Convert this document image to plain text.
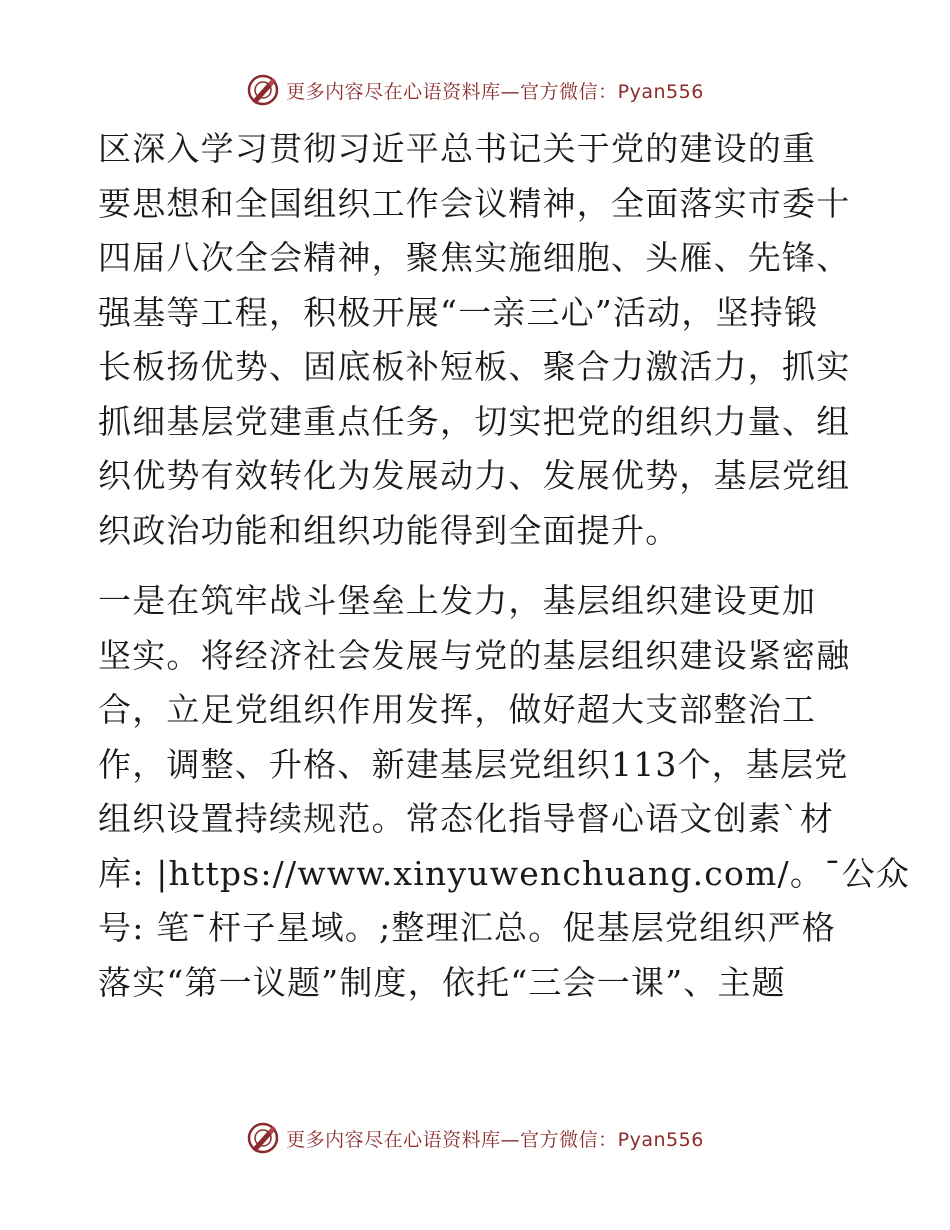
更多内容尽在心语资料库—官方微信：Pyan556
区深入学习贯彻习近平总书记关于党的建设的重
要思想和全国组织工作会议精神，全面落实市委十
四届八次全会精神，聚焦实施细胞、头雁、先锋、
强基等工程，积极开展“一亲三心”活动，坚持锻
长板扬优势、固底板补短板、聚合力激活力，抓实
抓细基层党建重点任务，切实把党的组织力量、组
织优势有效转化为发展动力、发展优势，基层党组
织政治功能和组织功能得到全面提升。
一是在筑牢战斗堡垒上发力，基层组织建设更加
坚实。将经济社会发展与党的基层组织建设紧密融
合，立足党组织作用发挥，做好超大支部整治工
作，调整、升格、新建基层党组织113个，基层党
组织设置持续规范。常态化指导督心语文创素`材
库: |https://www.xinyuwenchuang.com/。¯公众
号: 笔¯杆子星域。;整理汇总。促基层党组织严格
落实“第一议题”制度，依托“三会一课”、主题
更多内容尽在心语资料库—官方微信：Pyan556
